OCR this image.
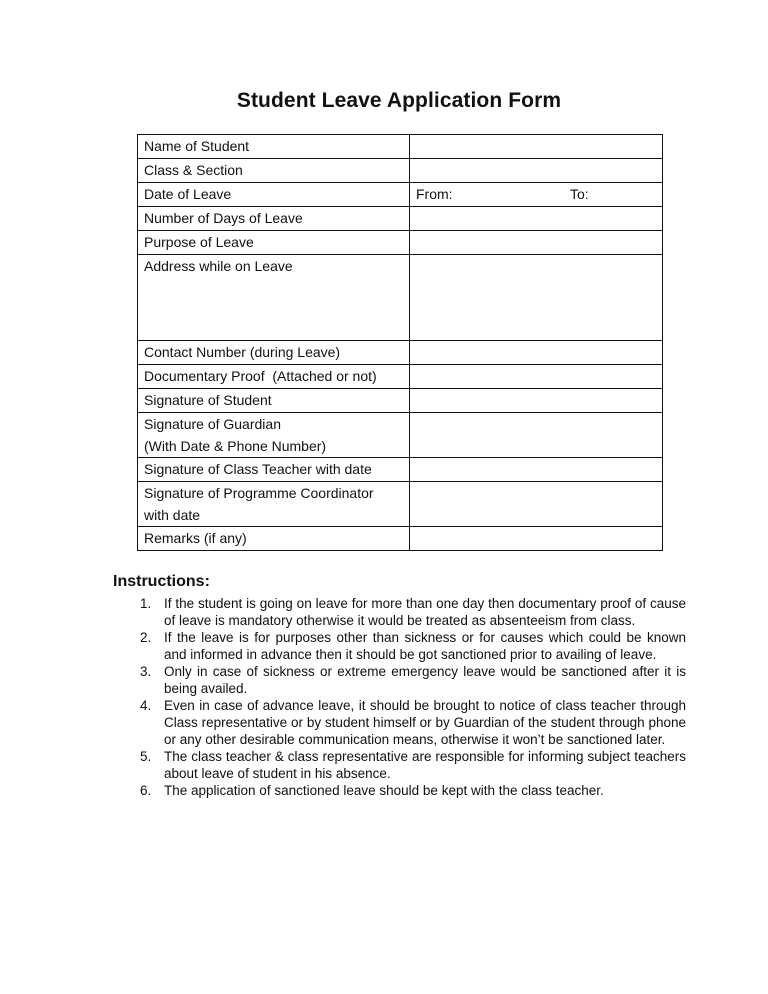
Student Leave Application Form
Name of Student	
Class & Section	
Date of Leave	From: To:

Number of Days of Leave	
Purpose of Leave	
Address while on Leave	
Contact Number (during Leave)	
Documentary Proof  (Attached or not)	
Signature of Student	

Signature of Guardian
(With Date & Phone Number)	

Signature of Class Teacher with date	

Signature of Programme Coordinator
with date	

Remarks (if any)	
Instructions:
1. If the student is going on leave for more than one day then documentary proof of cause of leave is mandatory otherwise it would be treated as absenteeism from class.
2. If the leave is for purposes other than sickness or for causes which could be known and informed in advance then it should be got sanctioned prior to availing of leave.
3. Only in case of sickness or extreme emergency leave would be sanctioned after it is being availed.
4. Even in case of advance leave, it should be brought to notice of class teacher through Class representative or by student himself or by Guardian of the student through phone or any other desirable communication means, otherwise it won’t be sanctioned later.
5. The class teacher & class representative are responsible for informing subject teachers about leave of student in his absence.
6. The application of sanctioned leave should be kept with the class teacher.
